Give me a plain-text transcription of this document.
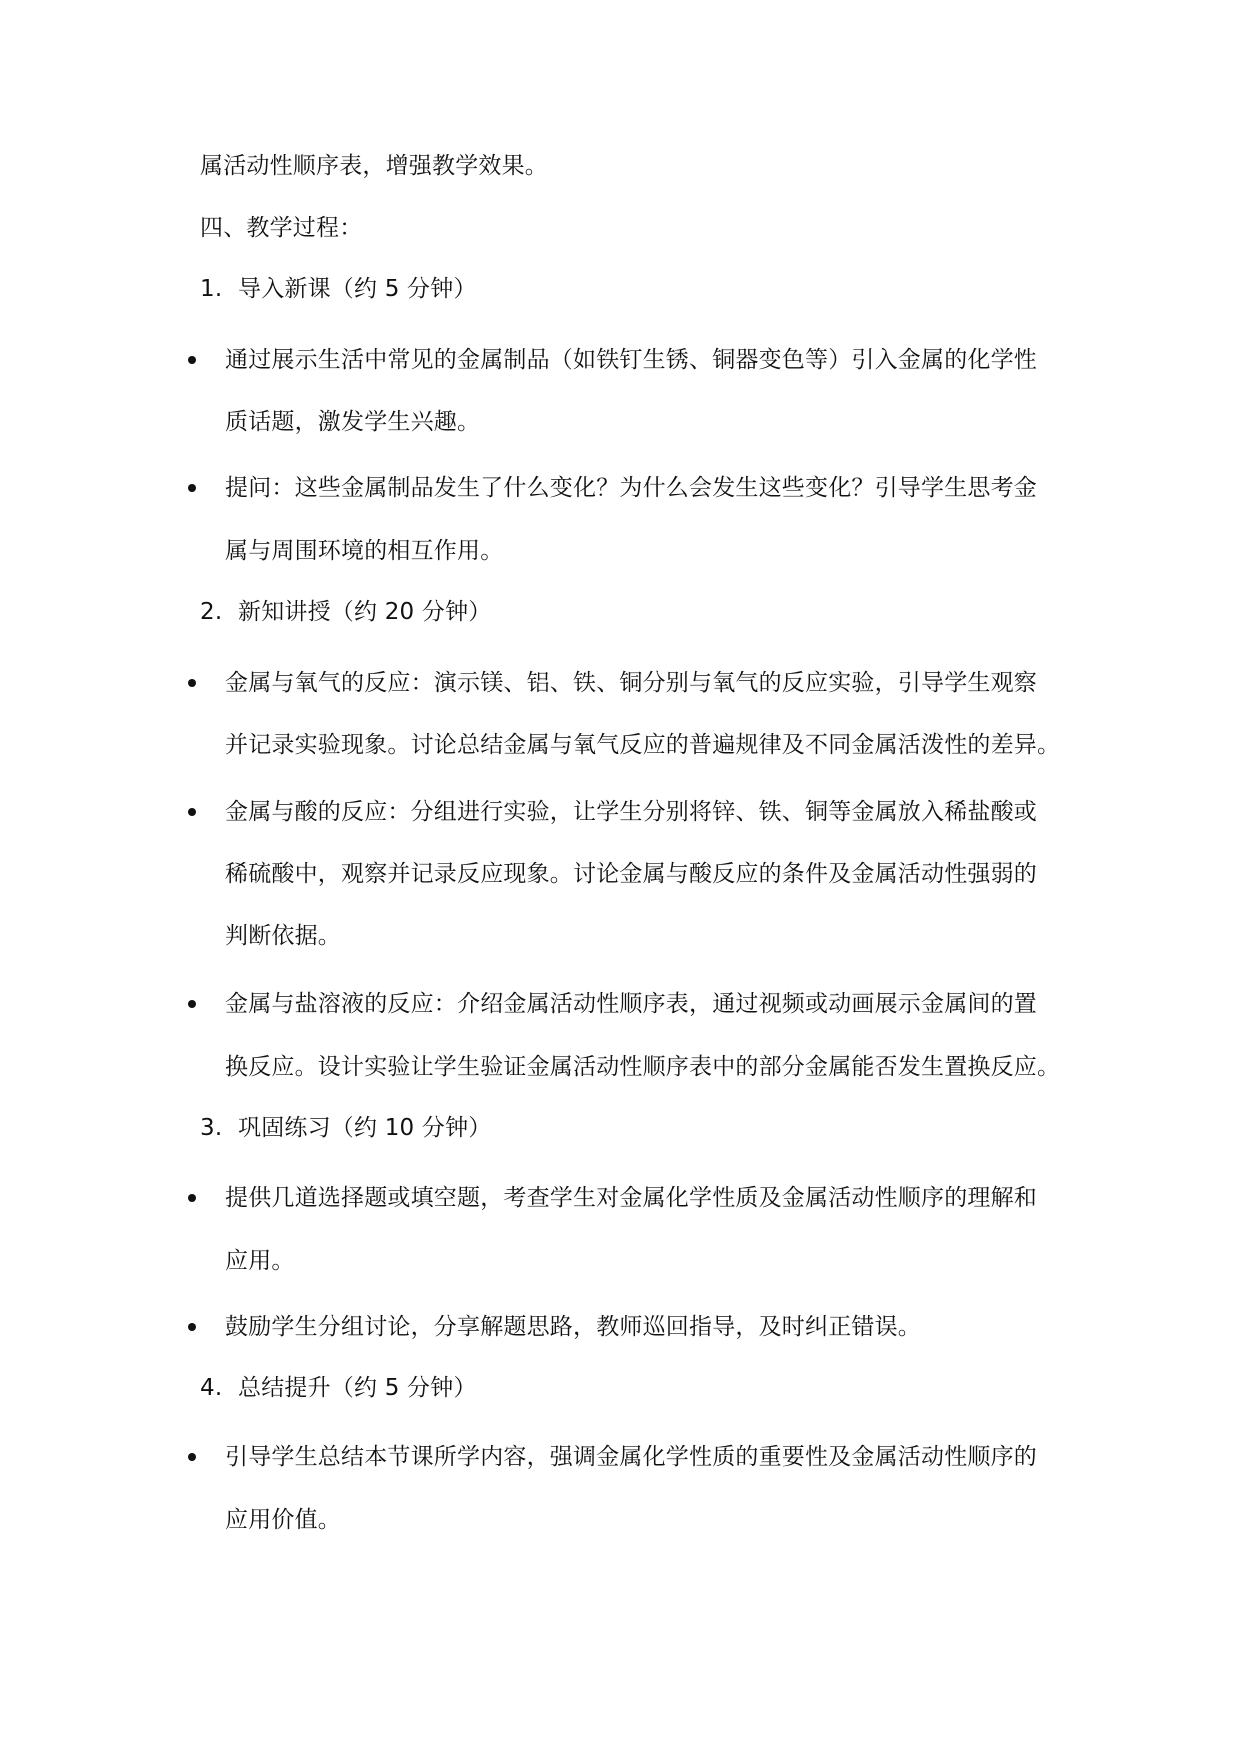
属活动性顺序表，增强教学效果。
四、教学过程：
1. 导入新课（约 5 分钟）
通过展示生活中常见的金属制品（如铁钉生锈、铜器变色等）引入金属的化学性
质话题，激发学生兴趣。
提问：这些金属制品发生了什么变化？为什么会发生这些变化？引导学生思考金
属与周围环境的相互作用。
2. 新知讲授（约 20 分钟）
金属与氧气的反应：演示镁、铝、铁、铜分别与氧气的反应实验，引导学生观察
并记录实验现象。讨论总结金属与氧气反应的普遍规律及不同金属活泼性的差异。
金属与酸的反应：分组进行实验，让学生分别将锌、铁、铜等金属放入稀盐酸或
稀硫酸中，观察并记录反应现象。讨论金属与酸反应的条件及金属活动性强弱的
判断依据。
金属与盐溶液的反应：介绍金属活动性顺序表，通过视频或动画展示金属间的置
换反应。设计实验让学生验证金属活动性顺序表中的部分金属能否发生置换反应。
3. 巩固练习（约 10 分钟）
提供几道选择题或填空题，考查学生对金属化学性质及金属活动性顺序的理解和
应用。
鼓励学生分组讨论，分享解题思路，教师巡回指导，及时纠正错误。
4. 总结提升（约 5 分钟）
引导学生总结本节课所学内容，强调金属化学性质的重要性及金属活动性顺序的
应用价值。
